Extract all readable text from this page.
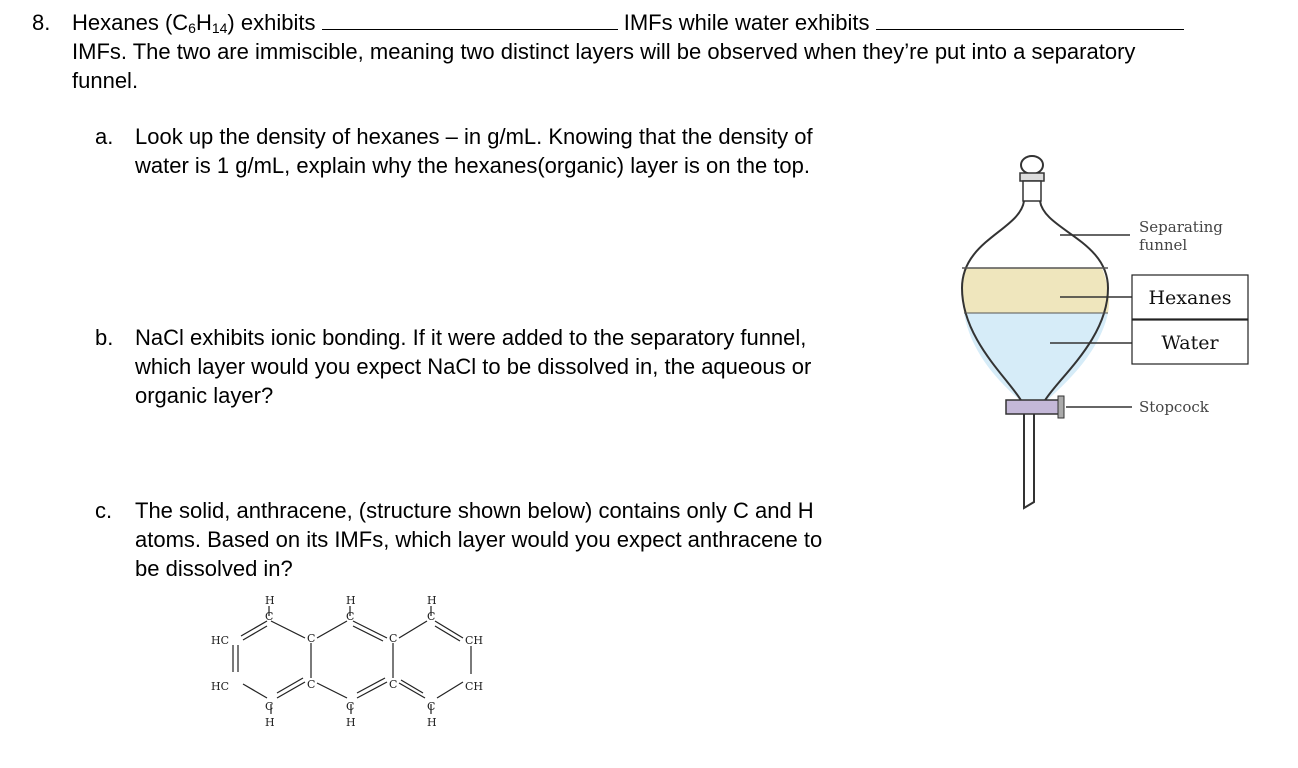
8. Hexanes $(C_6H_{14})$ exhibits	IMFs while water exhibits
IMFs. The two are immiscible, meaning two distinct layers will be observed when they’re put into a separatory funnel.
a. Look up the density of hexanes – in g/mL. Knowing that the density of water is 1 g/mL, explain why the hexanes(organic) layer is on the top.
b. NaCl exhibits ionic bonding. If it were added to the separatory funnel, which layer would you expect NaCl to be dissolved in, the aqueous or organic layer?
c. The solid, anthracene, (structure shown below) contains only C and H atoms. Based on its IMFs, which layer would you expect anthracene to be dissolved in?
Separating
funnel
Hexanes
Water
Stopcock
H	H	H
C	C	C
HC	C	C	CH
HC	C	C	CH
C	C	C
H	H	H
